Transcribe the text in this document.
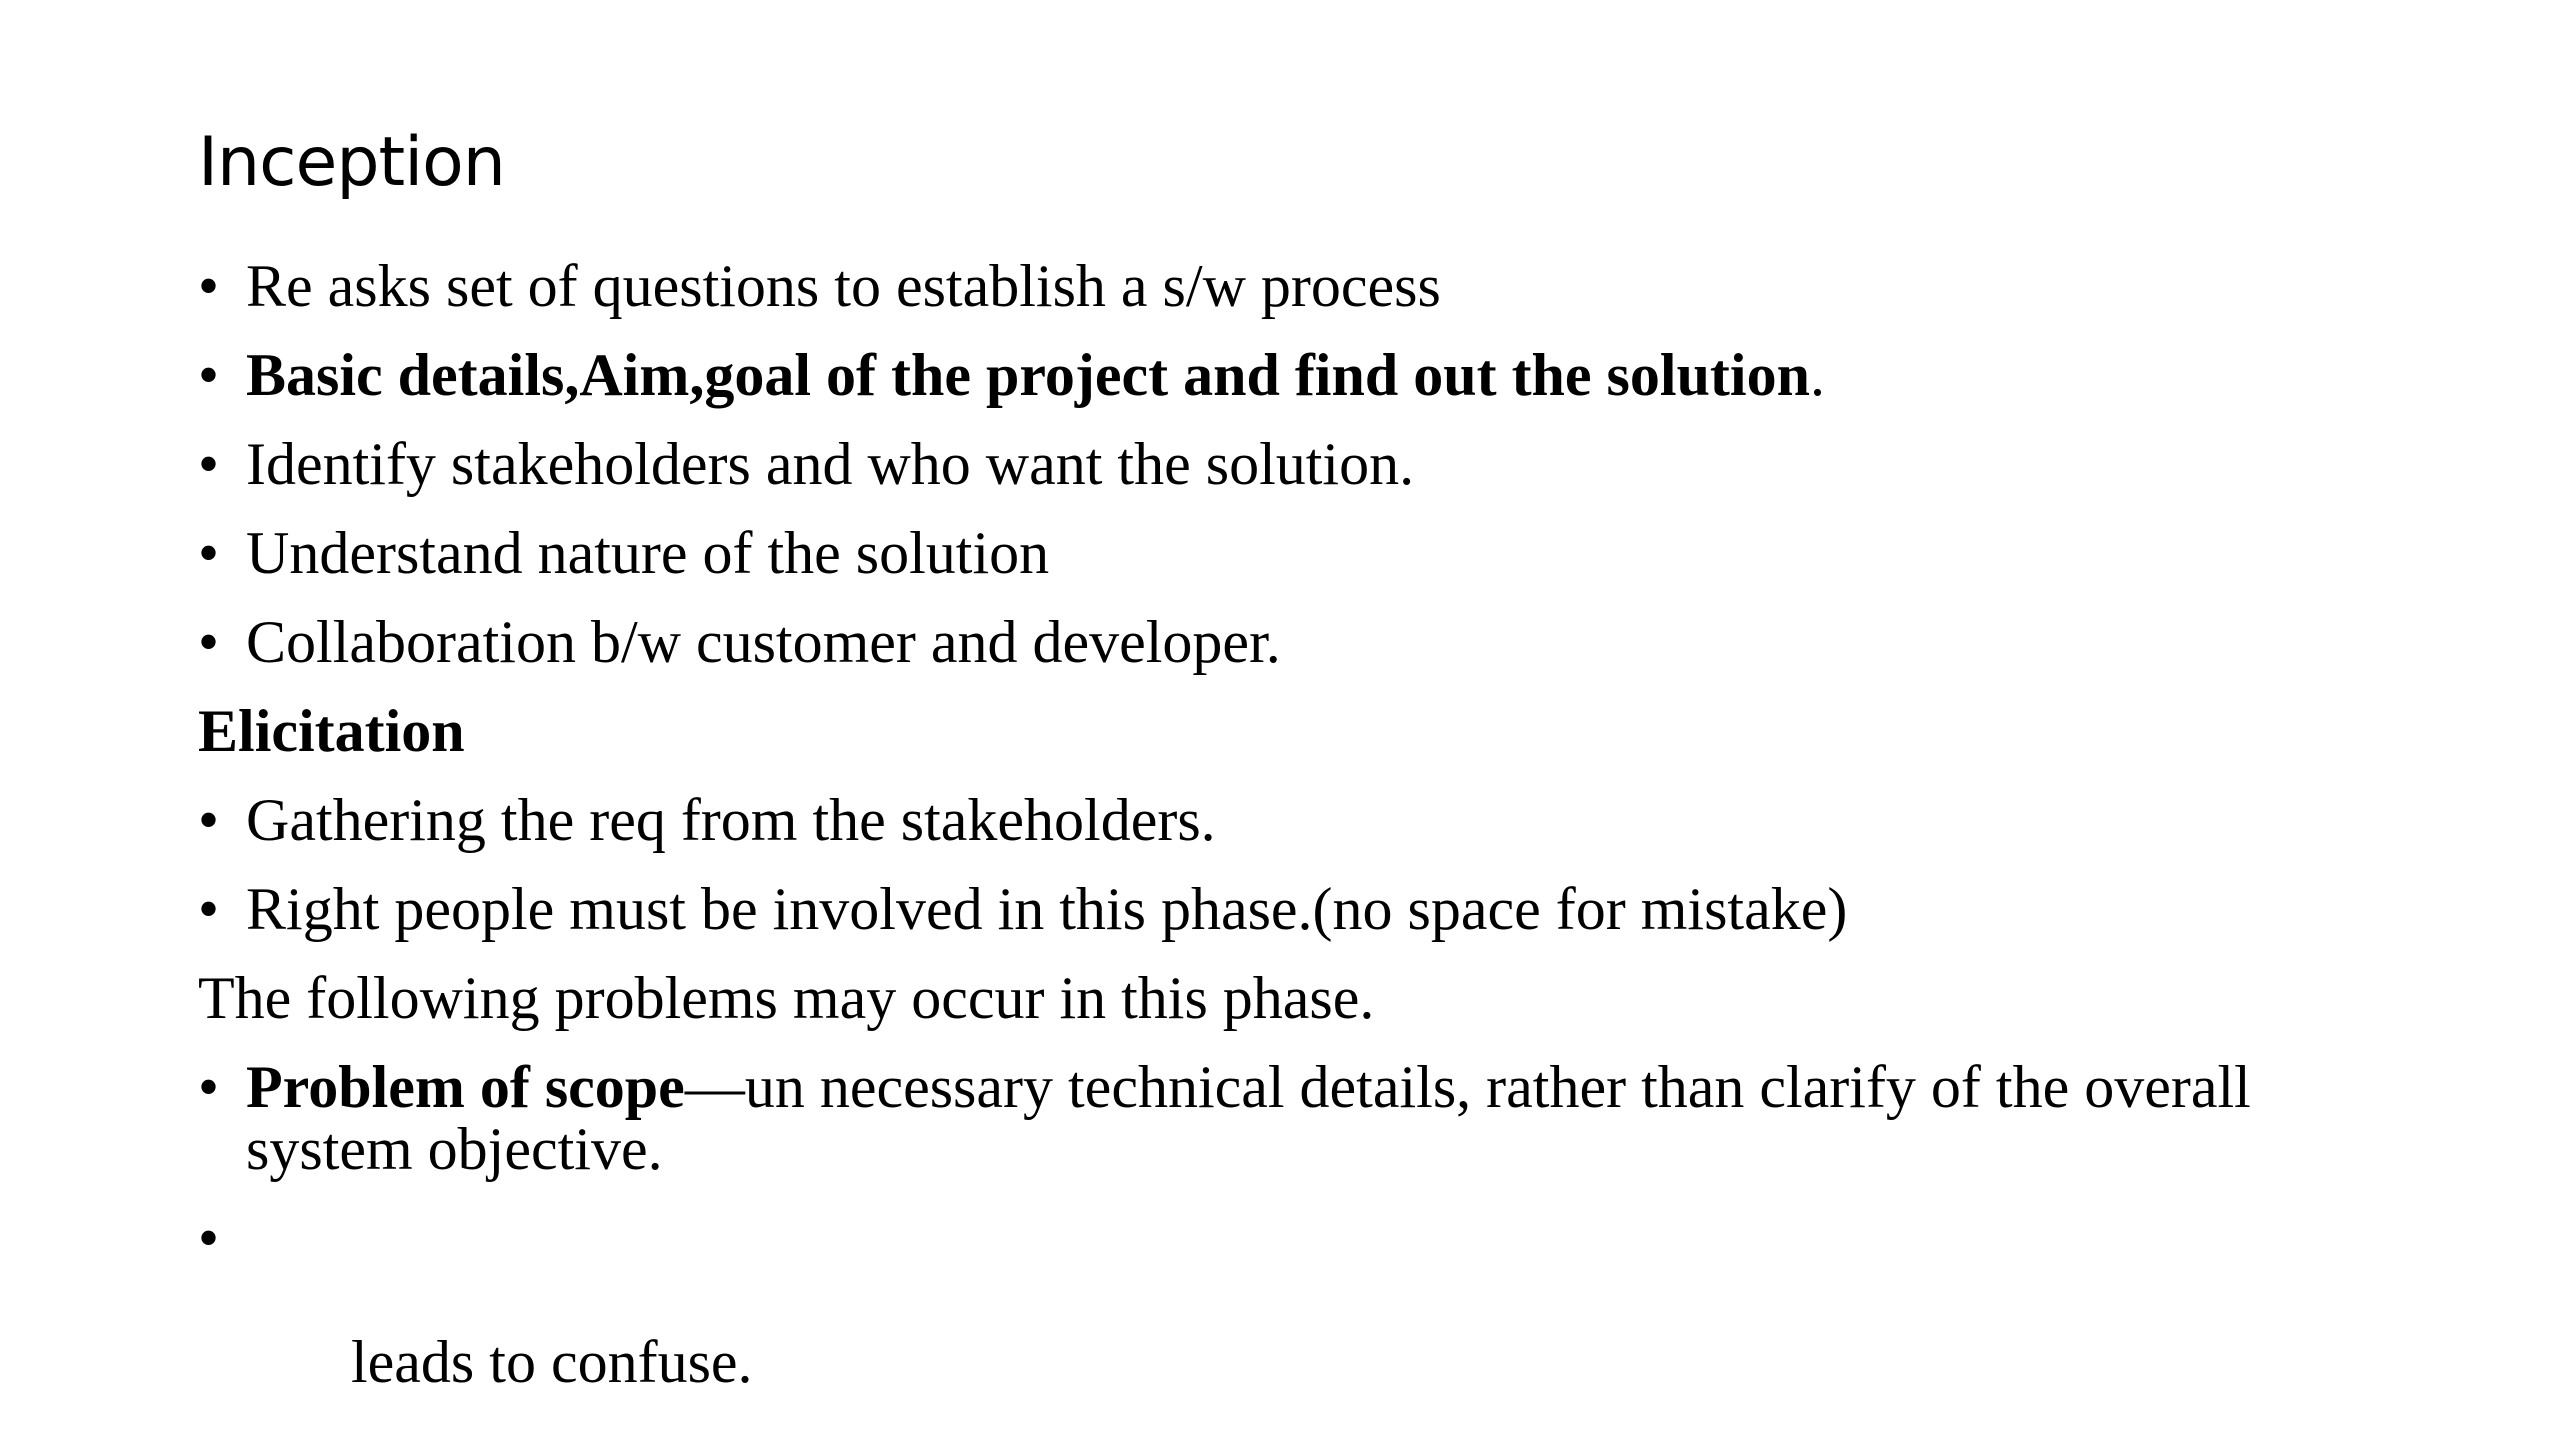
Inception
• Re asks set of questions to establish a s/w process
• Basic details,Aim,goal of the project and find out the solution.
• Identify stakeholders and who want the solution.
• Understand nature of the solution
• Collaboration b/w customer and developer.
Elicitation
• Gathering the req from the stakeholders.
• Right people must be involved in this phase.(no space for mistake)
The following problems may occur in this phase.
• Problem of scope—un necessary technical details, rather than clarify of the overall system objective.

•

leads to confuse.
